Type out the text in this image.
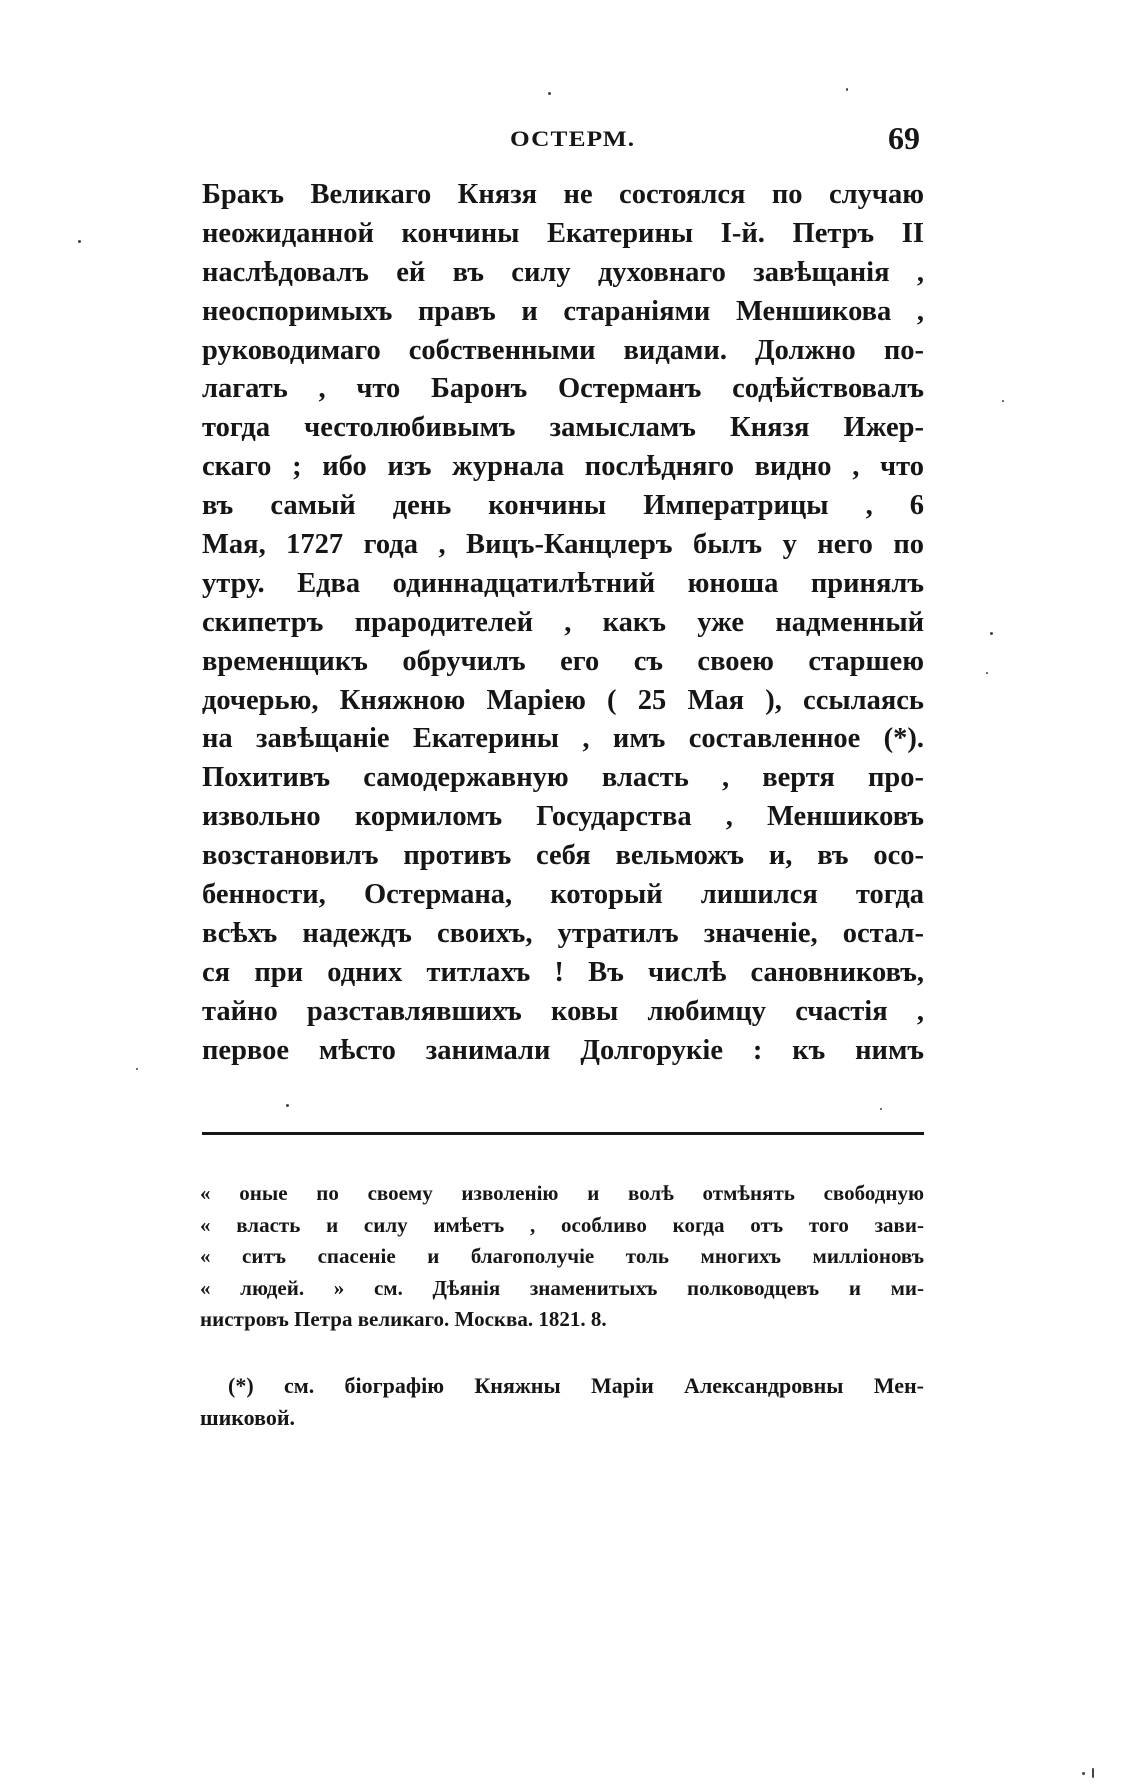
ОСТЕРМ.	69
Бракъ Великаго Князя не состоялся по случаю
неожиданной кончины Екатерины I-й. Петръ II
наслѣдовалъ ей въ силу духовнаго завѣщанія ,
неоспоримыхъ правъ и старанiями Меншикова ,
руководимаго собственными видами. Должно по-
лагать , что Баронъ Остерманъ содѣйствовалъ
тогда честолюбивымъ замысламъ Князя Ижер-
скаго ; ибо изъ журнала послѣдняго видно , что
въ самый день кончины Императрицы , 6
Мая, 1727 года , Вицъ-Канцлеръ былъ у него по
утру. Едва одиннадцатилѣтний юноша принялъ
скипетръ прародителей , какъ уже надменный
временщикъ обручилъ его съ своею старшею
дочерью, Княжною Марiею ( 25 Мая ), ссылаясь
на завѣщанiе Екатерины , имъ составленное (*).
Похитивъ самодержавную власть , вертя про-
извольно кормиломъ Государства , Меншиковъ
возстановилъ противъ себя вельможъ и, въ осо-
бенности, Остермана, который лишился тогда
всѣхъ надеждъ своихъ, утратилъ значенiе, остал-
ся при одних титлахъ ! Въ числѣ сановниковъ,
тайно разставлявшихъ ковы любимцу счастiя ,
первое мѣсто занимали Долгорукiе : къ нимъ
« оные по своему изволенiю и волѣ отмѣнять свободную
« власть и силу имѣетъ , особливо когда отъ того зави-
« ситъ спасенiе и благополучiе толь многихъ миллiоновъ
« людей. » см. Дѣянiя знаменитыхъ полководцевъ и ми-
нистровъ Петра великаго. Москва. 1821. 8.
(*) см. бiографiю Княжны Марiи Александровны Мен-
шиковой.
